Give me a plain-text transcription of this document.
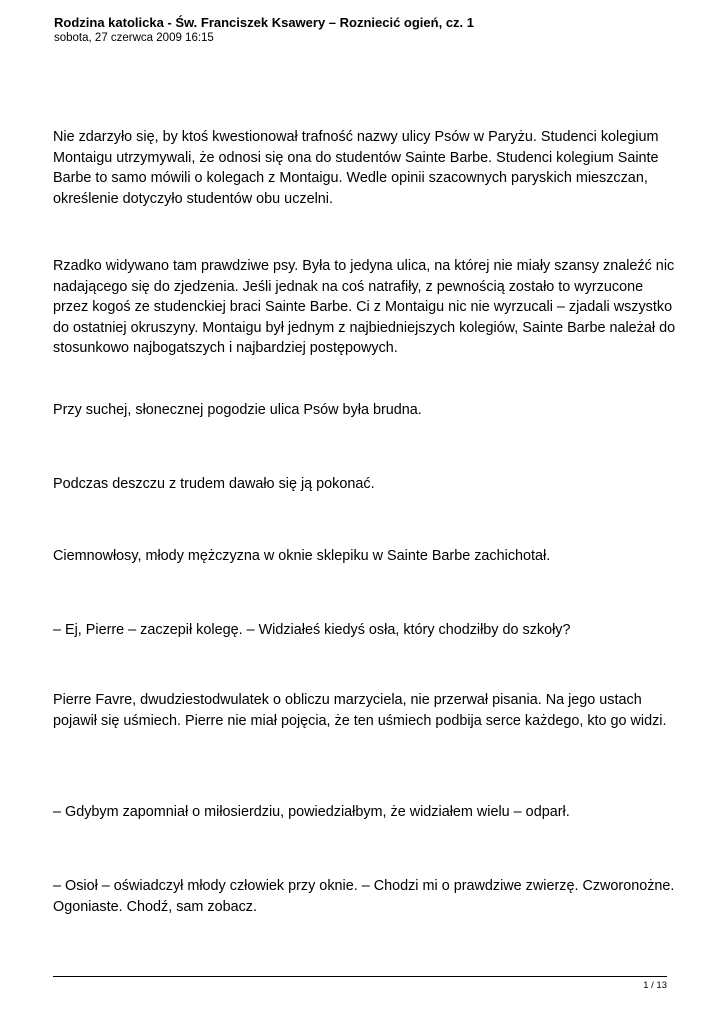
Rodzina katolicka - Św. Franciszek Ksawery – Rozniecić ogień, cz. 1
sobota, 27 czerwca 2009 16:15

Nie zdarzyło się, by ktoś kwestionował trafność nazwy ulicy Psów w Paryżu. Studenci kolegium Montaigu utrzymywali, że odnosi się ona do studentów Sainte Barbe. Studenci kolegium Sainte Barbe to samo mówili o kolegach z Montaigu. Wedle opinii szacownych paryskich mieszczan, określenie dotyczyło studentów obu uczelni.

Rzadko widywano tam prawdziwe psy. Była to jedyna ulica, na której nie miały szansy znaleźć nic nadającego się do zjedzenia. Jeśli jednak na coś natrafiły, z pewnością zostało to wyrzucone przez kogoś ze studenckiej braci Sainte Barbe. Ci z Montaigu nic nie wyrzucali – zjadali wszystko do ostatniej okruszyny. Montaigu był jednym z najbiedniejszych kolegiów, Sainte Barbe należał do stosunkowo najbogatszych i najbardziej postępowych.

Przy suchej, słonecznej pogodzie ulica Psów była brudna.

Podczas deszczu z trudem dawało się ją pokonać.

Ciemnowłosy, młody mężczyzna w oknie sklepiku w Sainte Barbe zachichotał.

– Ej, Pierre – zaczepił kolegę. – Widziałeś kiedyś osła, który chodziłby do szkoły?

Pierre Favre, dwudziestodwulatek o obliczu marzyciela, nie przerwał pisania. Na jego ustach pojawił się uśmiech. Pierre nie miał pojęcia, że ten uśmiech podbija serce każdego, kto go widzi.

– Gdybym zapomniał o miłosierdziu, powiedziałbym, że widziałem wielu – odparł.

– Osioł – oświadczył młody człowiek przy oknie. – Chodzi mi o prawdziwe zwierzę. Czworonożne. Ogoniaste. Chodź, sam zobacz.

1 / 13
